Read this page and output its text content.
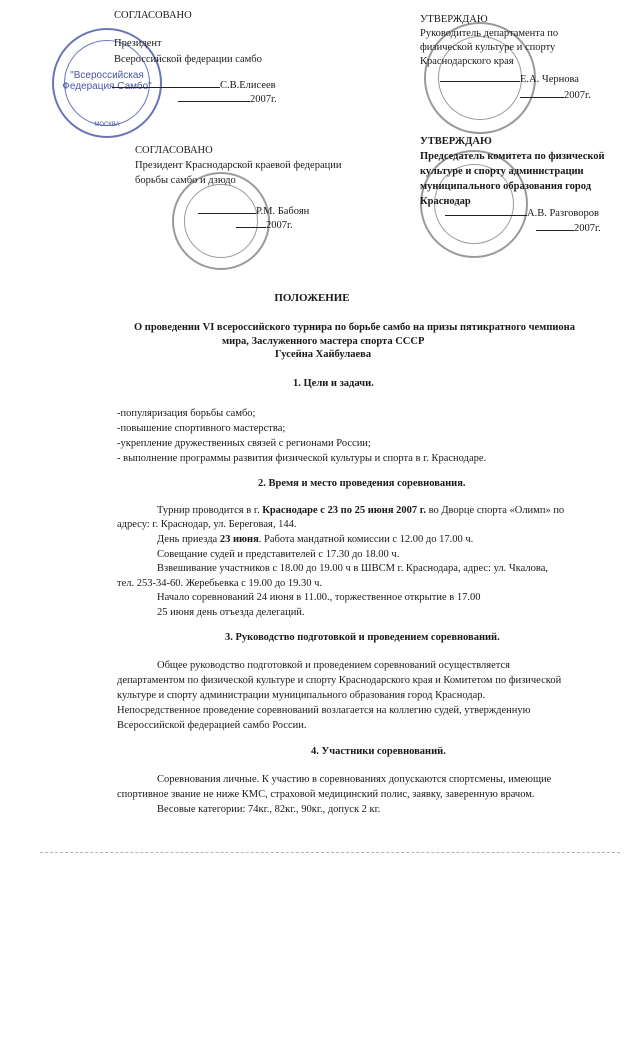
"Всероссийская Федерация Самбо"
МОСКВА
СОГЛАСОВАНО
Президент
Всероссийской федерации самбо
С.В.Елисеев
2007г.
УТВЕРЖДАЮ
Руководитель департамента по
физической культуре и спорту
Краснодарского края
Е.А. Чернова
2007г.
СОГЛАСОВАНО
Президент Краснодарской краевой федерации
борьбы самбо и дзюдо
Р.М. Бабоян
2007г.
УТВЕРЖДАЮ
Председатель комитета по физической
культуре и спорту администрации
муниципального образования город
Краснодар
А.В. Разговоров
2007г.
ПОЛОЖЕНИЕ
О проведении VI всероссийского турнира по борьбе самбо на призы пятикратного чемпиона
мира, Заслуженного мастера спорта СССР
Гусейна Хайбулаева
1. Цели и задачи.
-популяризация борьбы самбо;
-повышение спортивного мастерства;
-укрепление дружественных связей с регионами России;
- выполнение программы развития физической культуры и спорта в г. Краснодаре.
2. Время и место проведения соревнования.
Турнир проводится в г. Краснодаре с 23 по 25 июня 2007 г. во Дворце спорта «Олимп» по
адресу: г. Краснодар, ул. Береговая, 144.
День приезда 23 июня. Работа мандатной комиссии с 12.00 до 17.00 ч.
Совещание судей и представителей с 17.30 до 18.00 ч.
Взвешивание участников с 18.00 до 19.00 ч в ШВСМ г. Краснодара, адрес: ул. Чкалова,
тел. 253-34-60. Жеребьевка с 19.00 до 19.30 ч.
Начало соревнований 24 июня в 11.00., торжественное открытие в 17.00
25 июня день отъезда делегаций.
3. Руководство подготовкой и проведением соревнований.
Общее руководство подготовкой и проведением соревнований осуществляется
департаментом по физической культуре и спорту Краснодарского края и Комитетом по физической
культуре и спорту администрации муниципального образования город Краснодар.
Непосредственное проведение соревнований возлагается на коллегию судей, утвержденную
Всероссийской федерацией самбо России.
4. Участники соревнований.
Соревнования личные. К участию в соревнованиях допускаются спортсмены, имеющие
спортивное звание не ниже КМС, страховой медицинский полис, заявку, заверенную врачом.
Весовые категории: 74кг., 82кг., 90кг., допуск 2 кг.
